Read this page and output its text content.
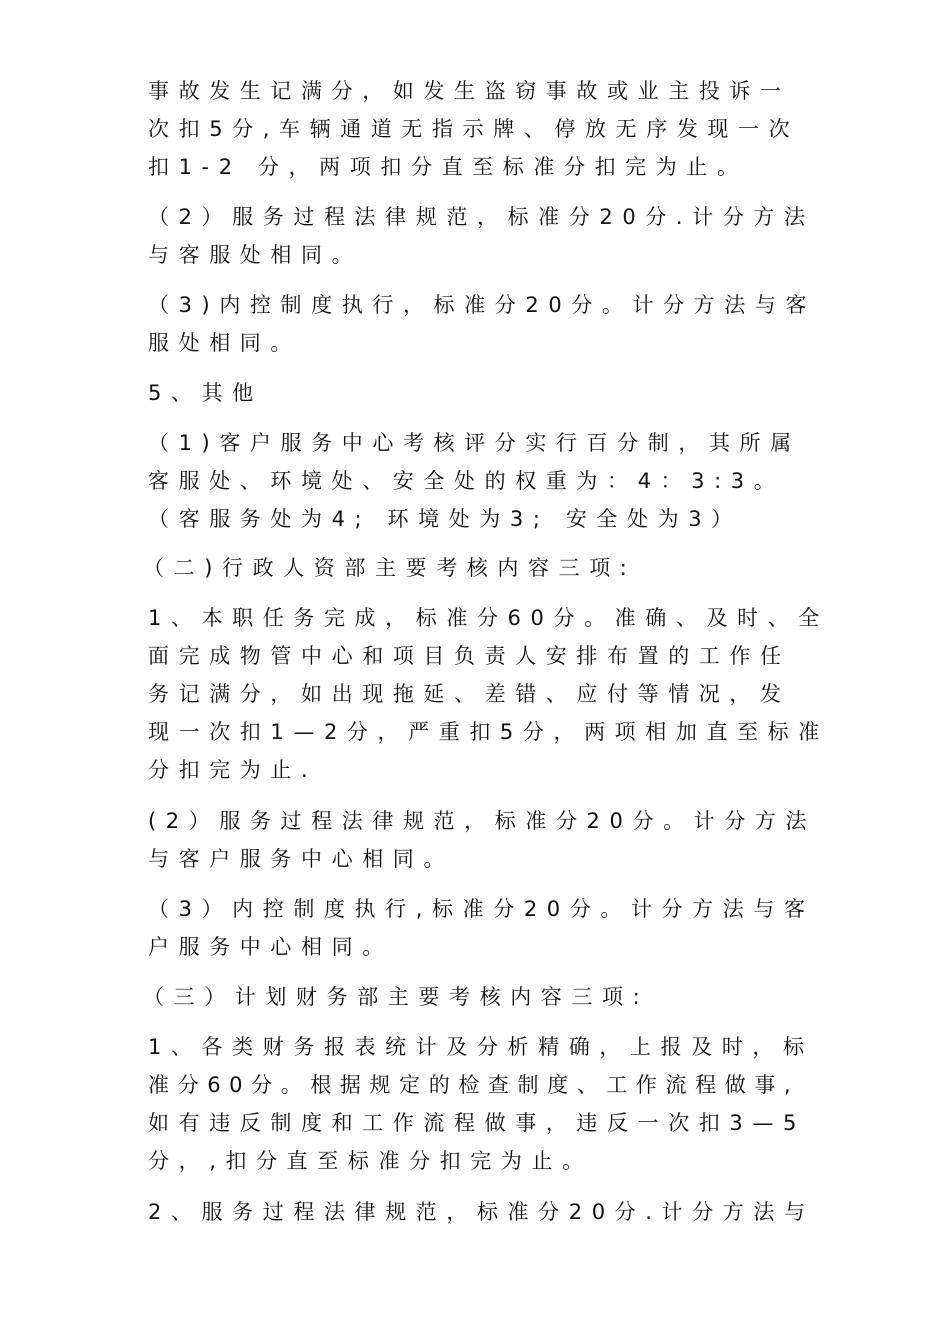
事故发生记满分，如发生盗窃事故或业主投诉一
次扣5分,车辆通道无指示牌、停放无序发现一次
扣1-2 分，两项扣分直至标准分扣完为止。
（2）服务过程法律规范，标准分20分.计分方法
与客服处相同。
（3)内控制度执行，标准分20分。计分方法与客
服处相同。
5、其他
（1)客户服务中心考核评分实行百分制，其所属
客服处、环境处、安全处的权重为：4：3:3。
（客服务处为4; 环境处为3; 安全处为3）
（二)行政人资部主要考核内容三项:
1、本职任务完成，标准分60分。准确、及时、全
面完成物管中心和项目负责人安排布置的工作任
务记满分，如出现拖延、差错、应付等情况，发
现一次扣1—2分，严重扣5分，两项相加直至标准
分扣完为止.
(2）服务过程法律规范，标准分20分。计分方法
与客户服务中心相同。
（3）内控制度执行,标准分20分。计分方法与客
户服务中心相同。
（三）计划财务部主要考核内容三项:
1、各类财务报表统计及分析精确，上报及时，标
准分60分。根据规定的检查制度、工作流程做事,
如有违反制度和工作流程做事，违反一次扣3—5
分，,扣分直至标准分扣完为止。
2、服务过程法律规范，标准分20分.计分方法与
